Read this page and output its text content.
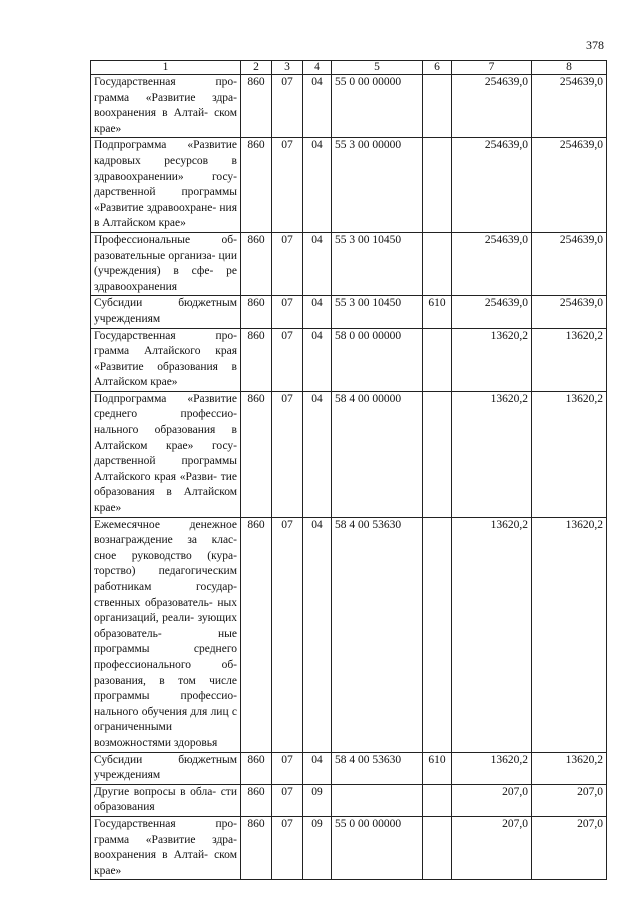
378
1	2	3	4	5	6	7	8
Государственная про- грамма «Развитие здра- воохранения в Алтай- ском крае»	860	07	04	55 0 00 00000		254639,0	254639,0
Подпрограмма «Развитие кадровых ресурсов в здравоохранении» госу- дарственной программы «Развитие здравоохране- ния в Алтайском крае»	860	07	04	55 3 00 00000		254639,0	254639,0
Профессиональные об- разовательные организа- ции (учреждения) в сфе- ре здравоохранения	860	07	04	55 3 00 10450		254639,0	254639,0
Субсидии бюджетным учреждениям	860	07	04	55 3 00 10450	610	254639,0	254639,0
Государственная про- грамма Алтайского края «Развитие образования в Алтайском крае»	860	07	04	58 0 00 00000		13620,2	13620,2
Подпрограмма «Развитие среднего профессио- нального образования в Алтайском крае» госу- дарственной программы Алтайского края «Разви- тие образования в Алтайском крае»	860	07	04	58 4 00 00000		13620,2	13620,2
Ежемесячное денежное вознаграждение за клас- сное руководство (кура- торство) педагогическим работникам государ- ственных образователь- ных организаций, реали- зующих образователь- ные программы среднего профессионального об- разования, в том числе программы профессио- нального обучения для лиц с ограниченными возможностями здоровья	860	07	04	58 4 00 53630		13620,2	13620,2
Субсидии бюджетным учреждениям	860	07	04	58 4 00 53630	610	13620,2	13620,2
Другие вопросы в обла- сти образования	860	07	09			207,0	207,0
Государственная про- грамма «Развитие здра- воохранения в Алтай- ском крае»	860	07	09	55 0 00 00000		207,0	207,0
